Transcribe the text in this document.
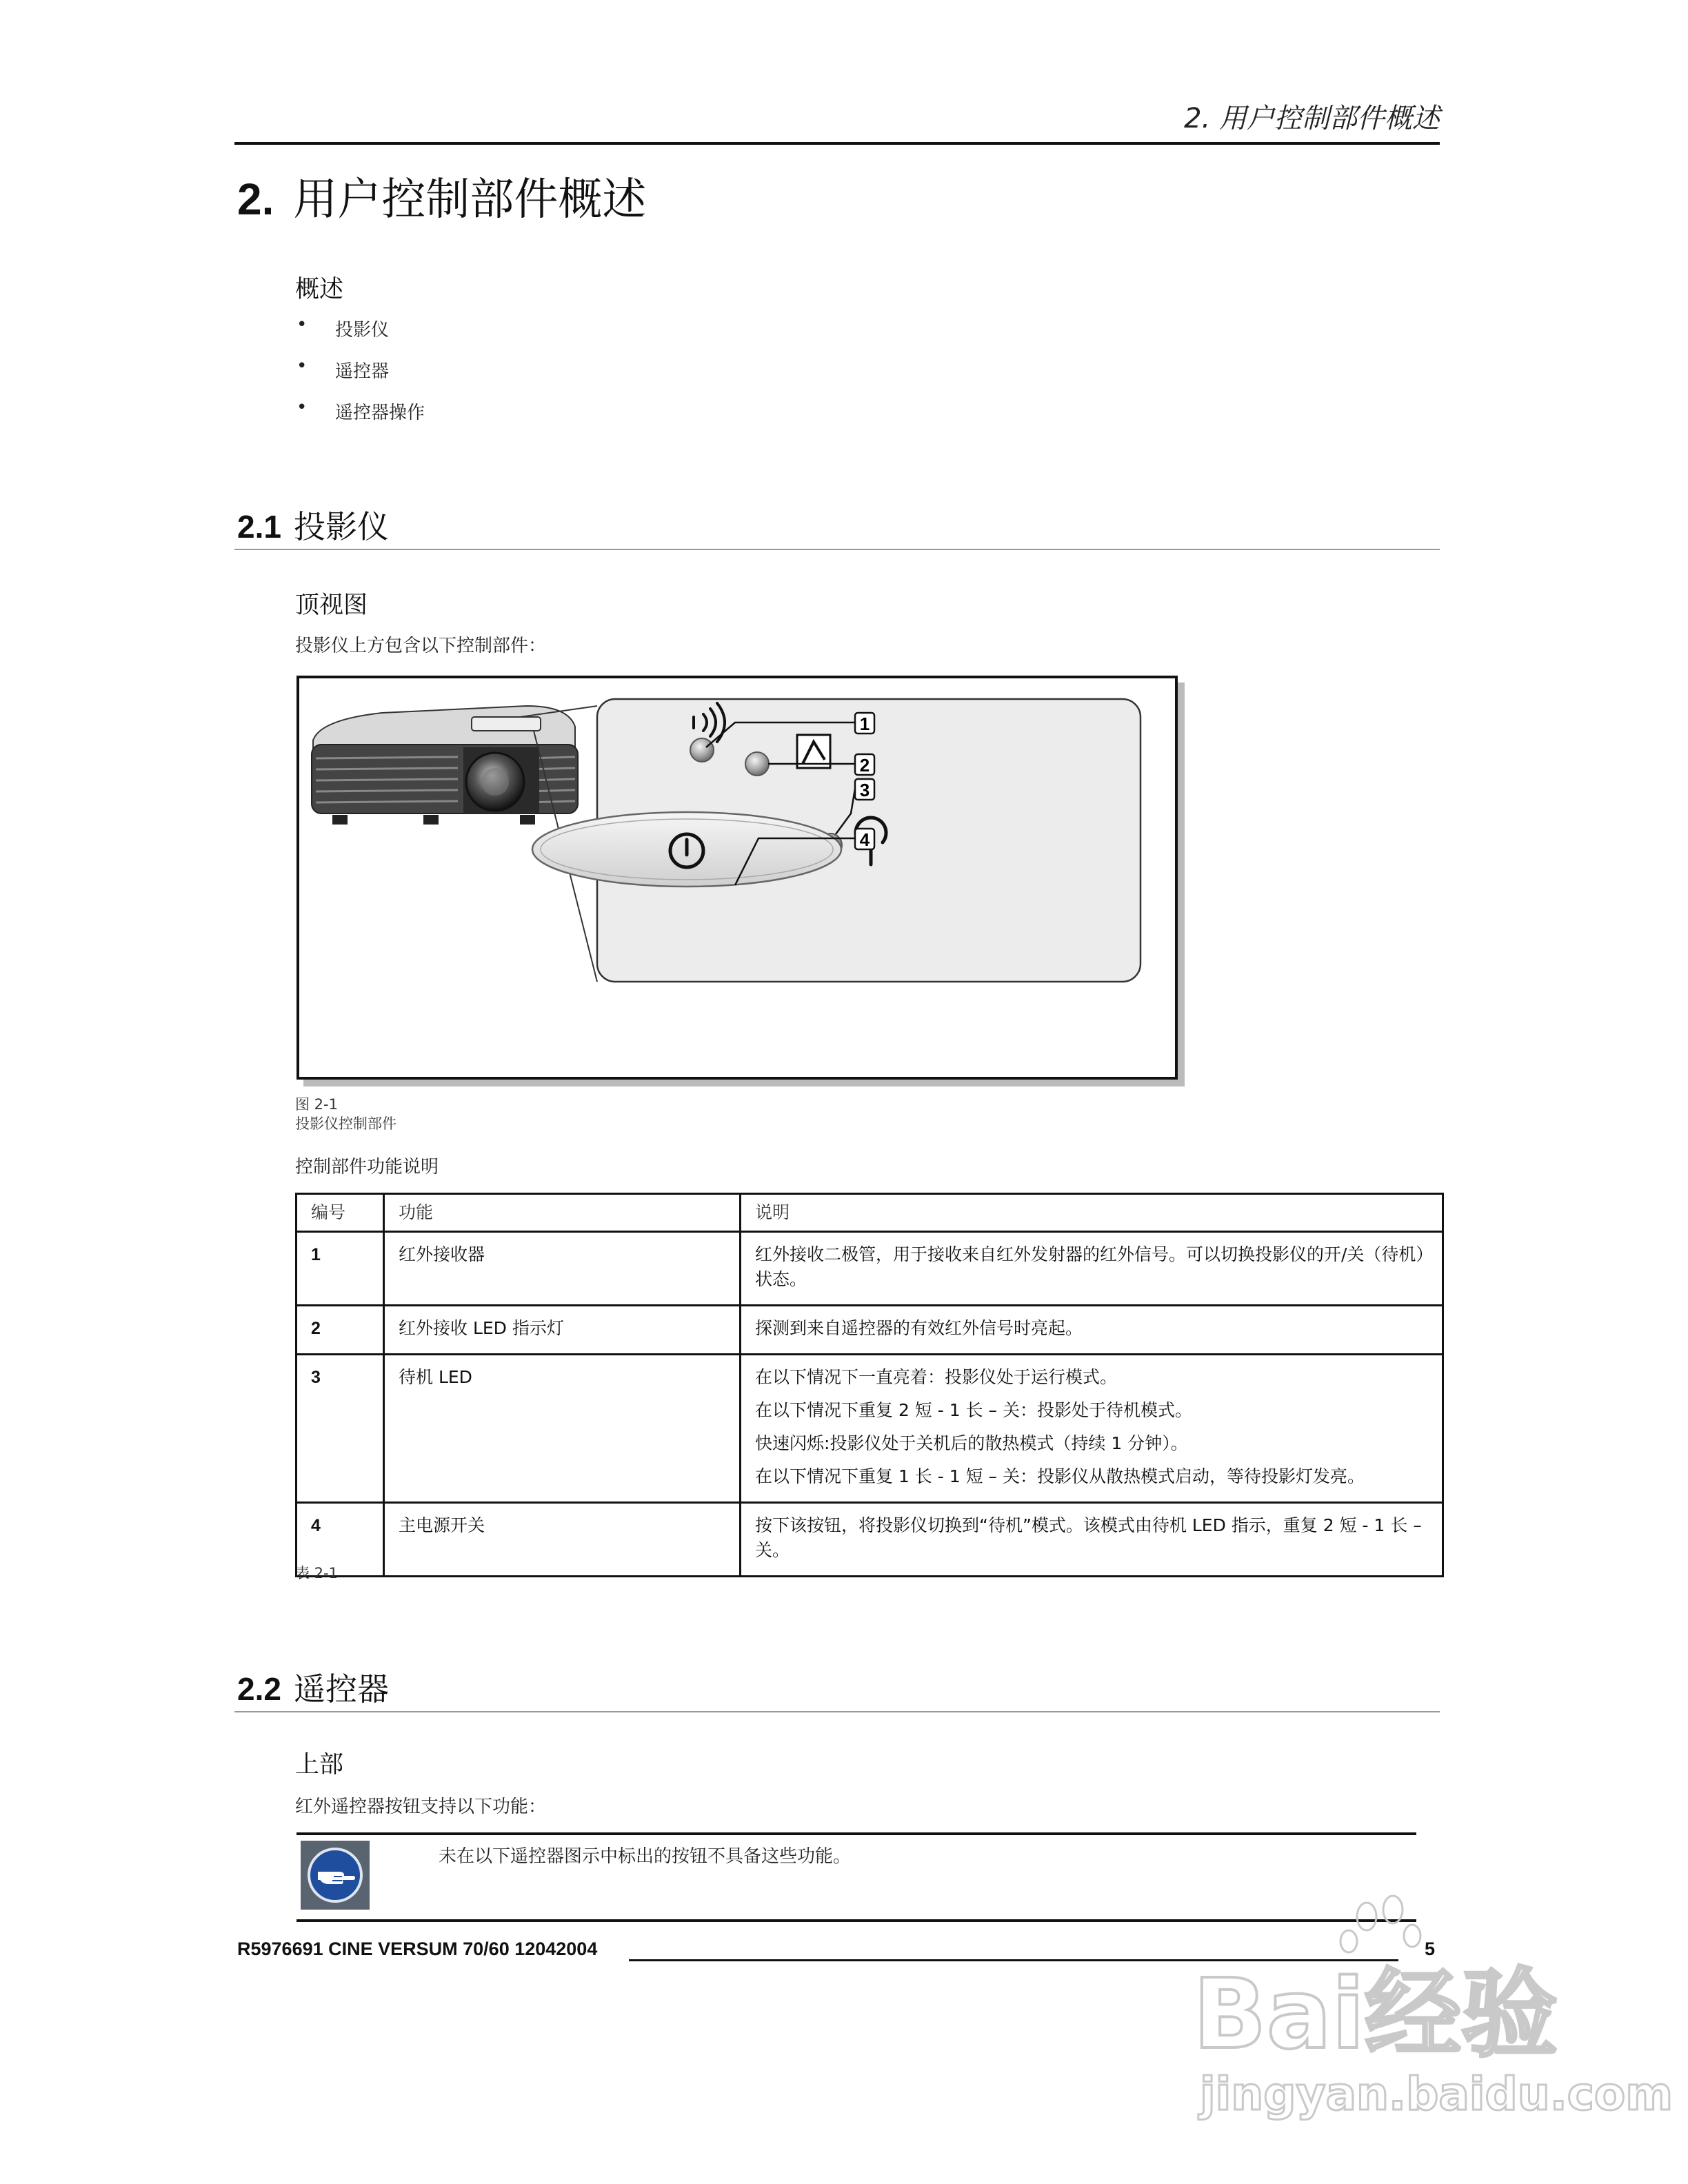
2. 用户控制部件概述
2. 用户控制部件概述
概述
• 投影仪
• 遥控器
• 遥控器操作
2.1 投影仪
顶视图
投影仪上方包含以下控制部件：
1
2
3
4
图 2-1
投影仪控制部件
控制部件功能说明
编号	功能	说明
1	红外接收器	红外接收二极管，用于接收来自红外发射器的红外信号。可以切换投影仪的开/关（待机）状态。

2	红外接收 LED 指示灯	探测到来自遥控器的有效红外信号时亮起。

3	待机 LED	在以下情况下一直亮着：投影仪处于运行模式。

在以下情况下重复 2 短 - 1 长 – 关：投影处于待机模式。

快速闪烁:投影仪处于关机后的散热模式（持续 1 分钟）。

在以下情况下重复 1 长 - 1 短 – 关：投影仪从散热模式启动，等待投影灯发亮。

4	主电源开关	按下该按钮，将投影仪切换到“待机”模式。该模式由待机 LED 指示，重复 2 短 - 1 长 – 关。

表 2-1
2.2 遥控器
上部
红外遥控器按钮支持以下功能：
未在以下遥控器图示中标出的按钮不具备这些功能。
R5976691 CINE VERSUM 70/60 12042004	5
Bai经验
jingyan.baidu.com
